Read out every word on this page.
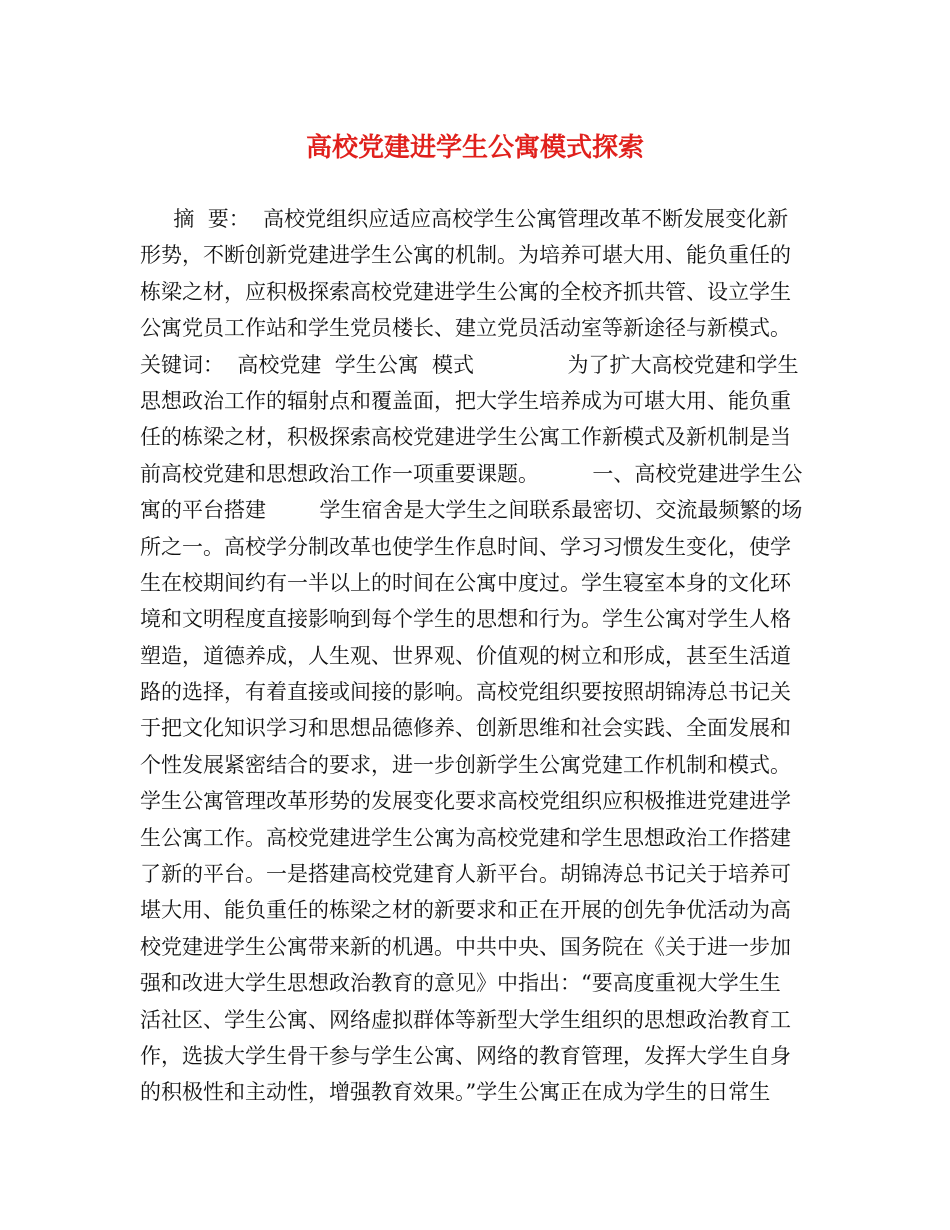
高校党建进学生公寓模式探索
摘  要：  高校党组织应适应高校学生公寓管理改革不断发展变化新
形势，不断创新党建进学生公寓的机制。为培养可堪大用、能负重任的
栋梁之材，应积极探索高校党建进学生公寓的全校齐抓共管、设立学生
公寓党员工作站和学生党员楼长、建立党员活动室等新途径与新模式。
关键词：  高校党建  学生公寓  模式              为了扩大高校党建和学生
思想政治工作的辐射点和覆盖面，把大学生培养成为可堪大用、能负重
任的栋梁之材，积极探索高校党建进学生公寓工作新模式及新机制是当
前高校党建和思想政治工作一项重要课题。        一、高校党建进学生公
寓的平台搭建        学生宿舍是大学生之间联系最密切、交流最频繁的场
所之一。高校学分制改革也使学生作息时间、学习习惯发生变化，使学
生在校期间约有一半以上的时间在公寓中度过。学生寝室本身的文化环
境和文明程度直接影响到每个学生的思想和行为。学生公寓对学生人格
塑造，道德养成，人生观、世界观、价值观的树立和形成，甚至生活道
路的选择，有着直接或间接的影响。高校党组织要按照胡锦涛总书记关
于把文化知识学习和思想品德修养、创新思维和社会实践、全面发展和
个性发展紧密结合的要求，进一步创新学生公寓党建工作机制和模式。
学生公寓管理改革形势的发展变化要求高校党组织应积极推进党建进学
生公寓工作。高校党建进学生公寓为高校党建和学生思想政治工作搭建
了新的平台。一是搭建高校党建育人新平台。胡锦涛总书记关于培养可
堪大用、能负重任的栋梁之材的新要求和正在开展的创先争优活动为高
校党建进学生公寓带来新的机遇。中共中央、国务院在《关于进一步加
强和改进大学生思想政治教育的意见》中指出：“要高度重视大学生生
活社区、学生公寓、网络虚拟群体等新型大学生组织的思想政治教育工
作，选拔大学生骨干参与学生公寓、网络的教育管理，发挥大学生自身
的积极性和主动性，增强教育效果。”学生公寓正在成为学生的日常生
